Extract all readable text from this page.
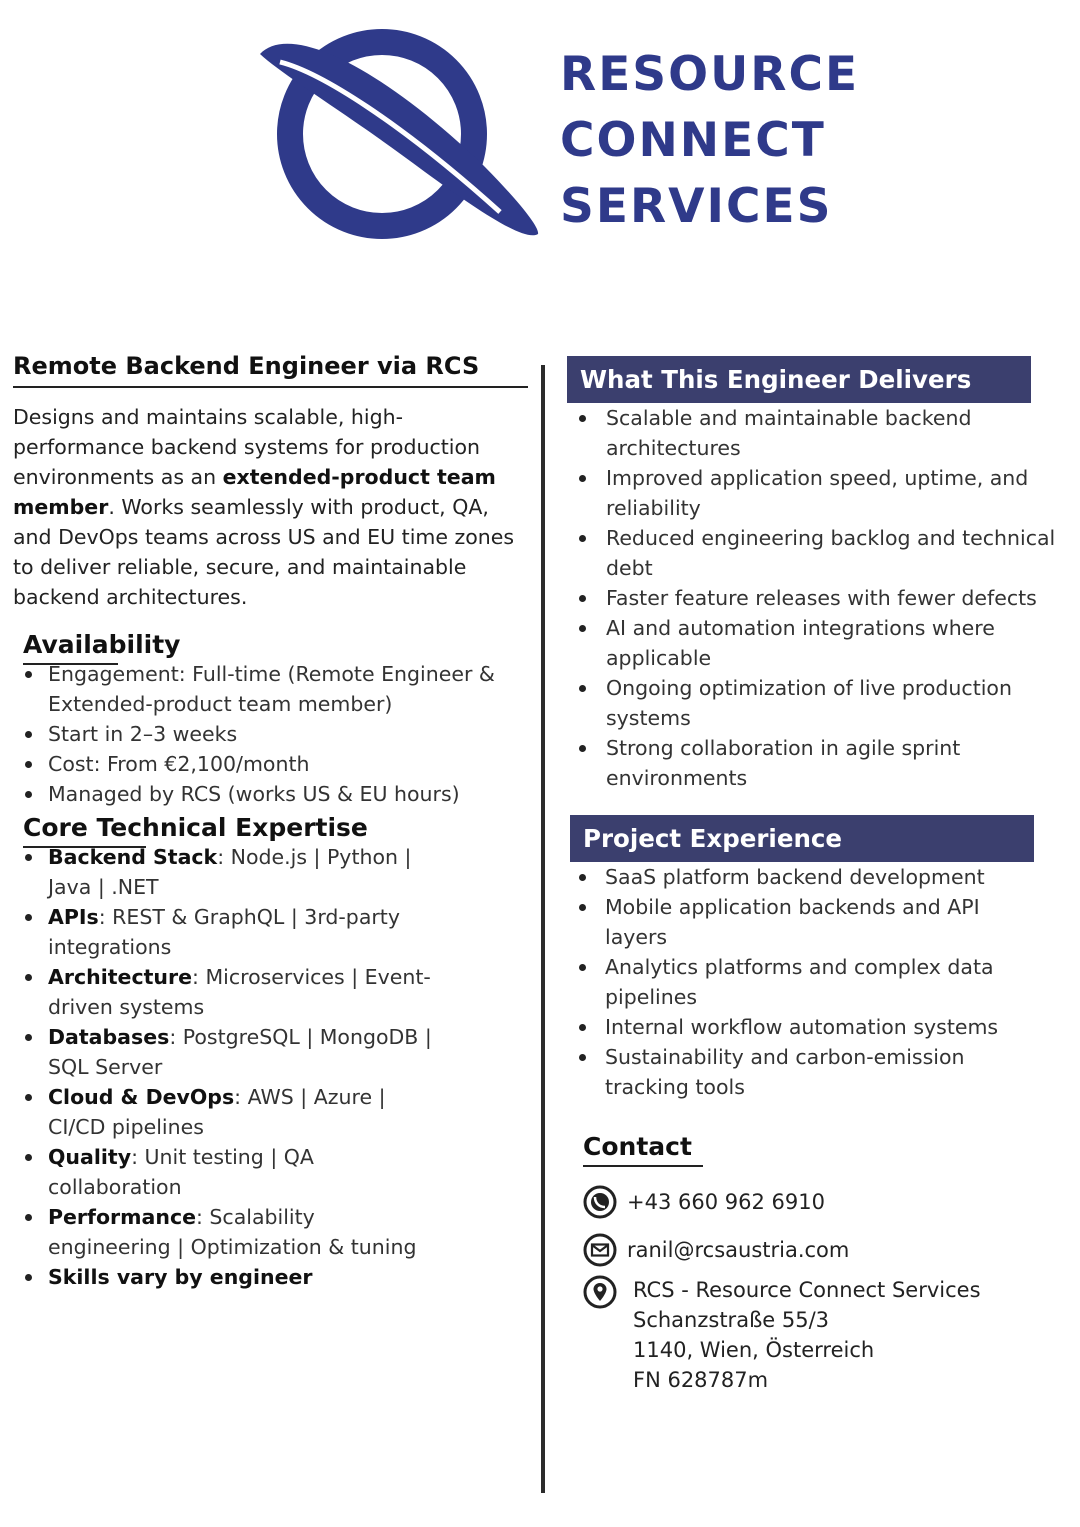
RESOURCE
CONNECT
SERVICES
Remote Backend Engineer via RCS

Designs and maintains scalable, high-performance backend systems for production environments as an extended-product team member. Works seamlessly with product, QA, and DevOps teams across US and EU time zones to deliver reliable, secure, and maintainable backend architectures.

Availability
Engagement: Full-time (Remote Engineer & Extended-product team member)
Start in 2–3 weeks
Cost: From €2,100/month
Managed by RCS (works US & EU hours)
Core Technical Expertise
Backend Stack: Node.js | Python | Java | .NET
APIs: REST & GraphQL | 3rd-party integrations
Architecture: Microservices | Event-driven systems
Databases: PostgreSQL | MongoDB | SQL Server
Cloud & DevOps: AWS | Azure | CI/CD pipelines
Quality: Unit testing | QA collaboration
Performance: Scalability engineering | Optimization & tuning
Skills vary by engineer
What This Engineer Delivers
Scalable and maintainable backend architectures
Improved application speed, uptime, and reliability
Reduced engineering backlog and technical debt
Faster feature releases with fewer defects
AI and automation integrations where applicable
Ongoing optimization of live production systems
Strong collaboration in agile sprint environments
Project Experience
SaaS platform backend development
Mobile application backends and API layers
Analytics platforms and complex data pipelines
Internal workflow automation systems
Sustainability and carbon-emission tracking tools
Contact
+43 660 962 6910
ranil@rcsaustria.com
RCS - Resource Connect Services
Schanzstraße 55/3
1140, Wien, Österreich
FN 628787m
